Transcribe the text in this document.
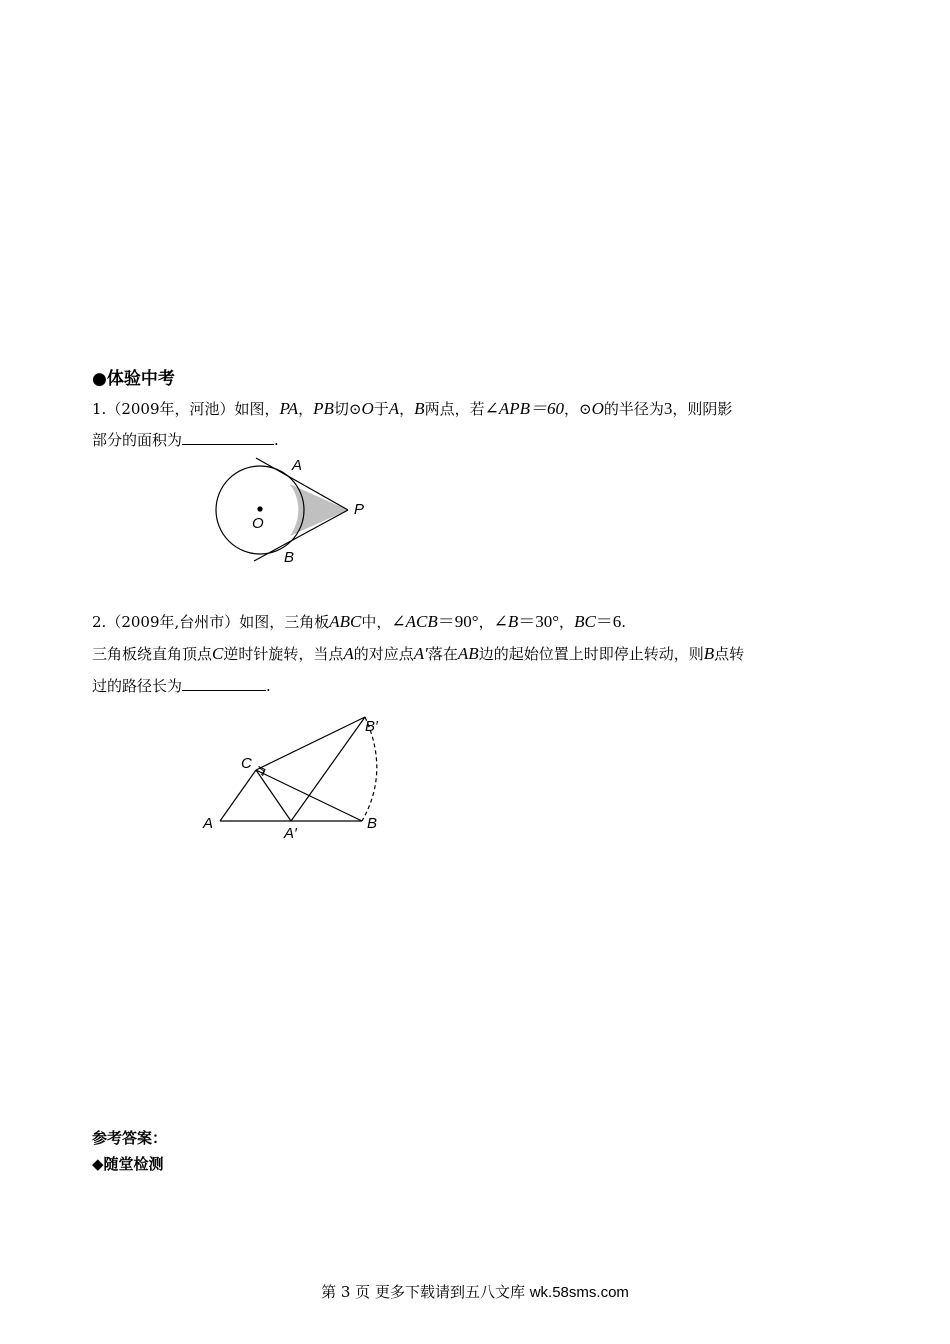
●体验中考
1.（2009年，河池）如图，PA，PB切⊙O于A，B两点，若∠APB＝60，⊙O的半径为3，则阴影
部分的面积为	.
A
B
O
P
2.（2009年,台州市）如图，三角板ABC中，∠ACB＝90°，∠B＝30°，BC＝6.
三角板绕直角顶点C逆时针旋转，当点A的对应点A′落在AB边的起始位置上时即停止转动，则B点转
过的路径长为	.
C
A	B
B′
A′
参考答案：
◆随堂检测
第 3 页 更多下载请到五八文库 wk.58sms.com
